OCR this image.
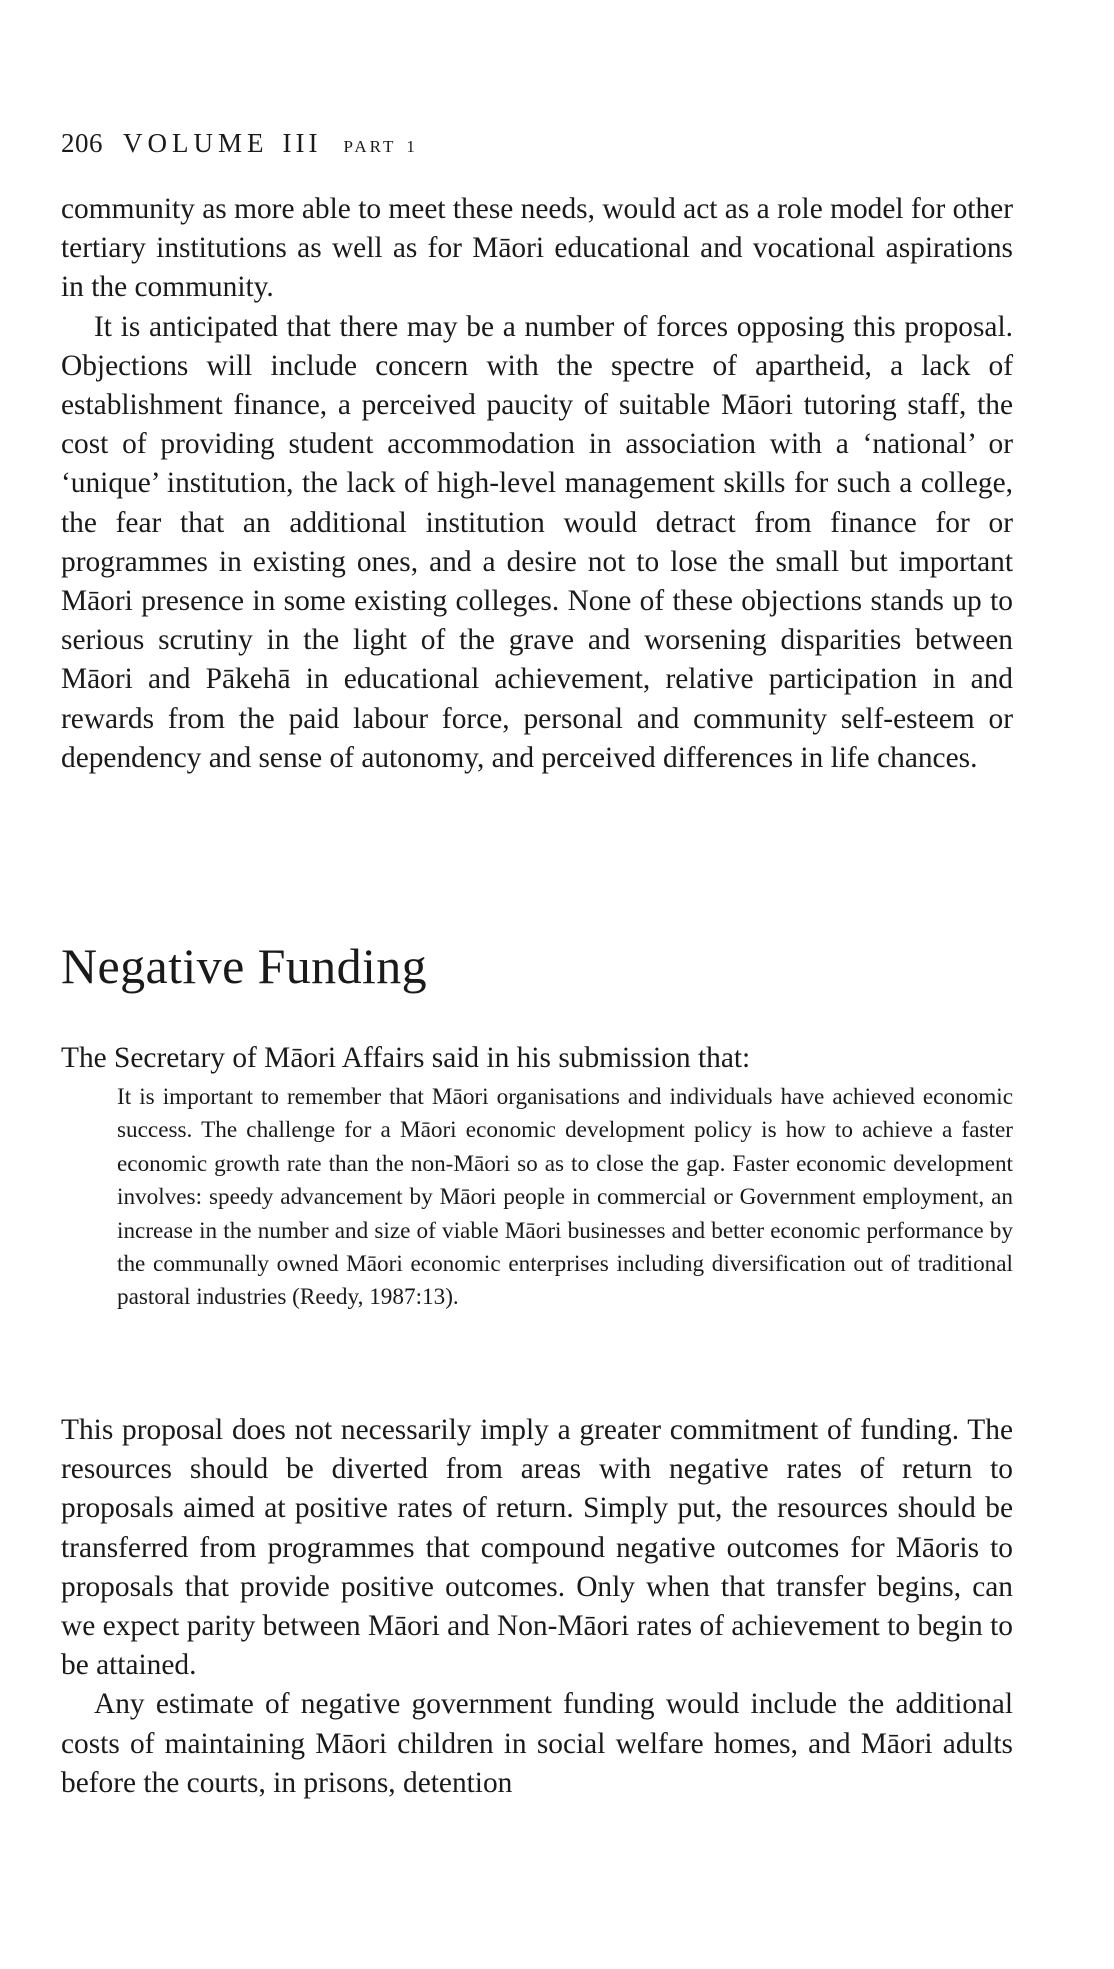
206 VOLUME III PART 1

community as more able to meet these needs, would act as a role model for other tertiary institutions as well as for Māori educational and vocational aspirations in the community.

It is anticipated that there may be a number of forces opposing this proposal. Objections will include concern with the spectre of apartheid, a lack of establishment finance, a perceived paucity of suitable Māori tutoring staff, the cost of providing student accommodation in association with a ‘national’ or ‘unique’ institution, the lack of high-level management skills for such a college, the fear that an additional institution would detract from finance for or programmes in existing ones, and a desire not to lose the small but important Māori presence in some existing colleges. None of these objections stands up to serious scrutiny in the light of the grave and worsening disparities between Māori and Pākehā in educational achievement, relative participation in and rewards from the paid labour force, personal and community self-esteem or dependency and sense of autonomy, and perceived differences in life chances.

Negative Funding

The Secretary of Māori Affairs said in his submission that:

It is important to remember that Māori organisations and individuals have achieved economic success. The challenge for a Māori economic development policy is how to achieve a faster economic growth rate than the non-Māori so as to close the gap. Faster economic development involves: speedy advancement by Māori people in commercial or Government employment, an increase in the number and size of viable Māori businesses and better economic performance by the communally owned Māori economic enterprises including diversification out of traditional pastoral industries (Reedy, 1987:13).

This proposal does not necessarily imply a greater commitment of funding. The resources should be diverted from areas with negative rates of return to proposals aimed at positive rates of return. Simply put, the resources should be transferred from programmes that compound negative outcomes for Māoris to proposals that provide positive outcomes. Only when that transfer begins, can we expect parity between Māori and Non-Māori rates of achievement to begin to be attained.

Any estimate of negative government funding would include the additional costs of maintaining Māori children in social welfare homes, and Māori adults before the courts, in prisons, detention
